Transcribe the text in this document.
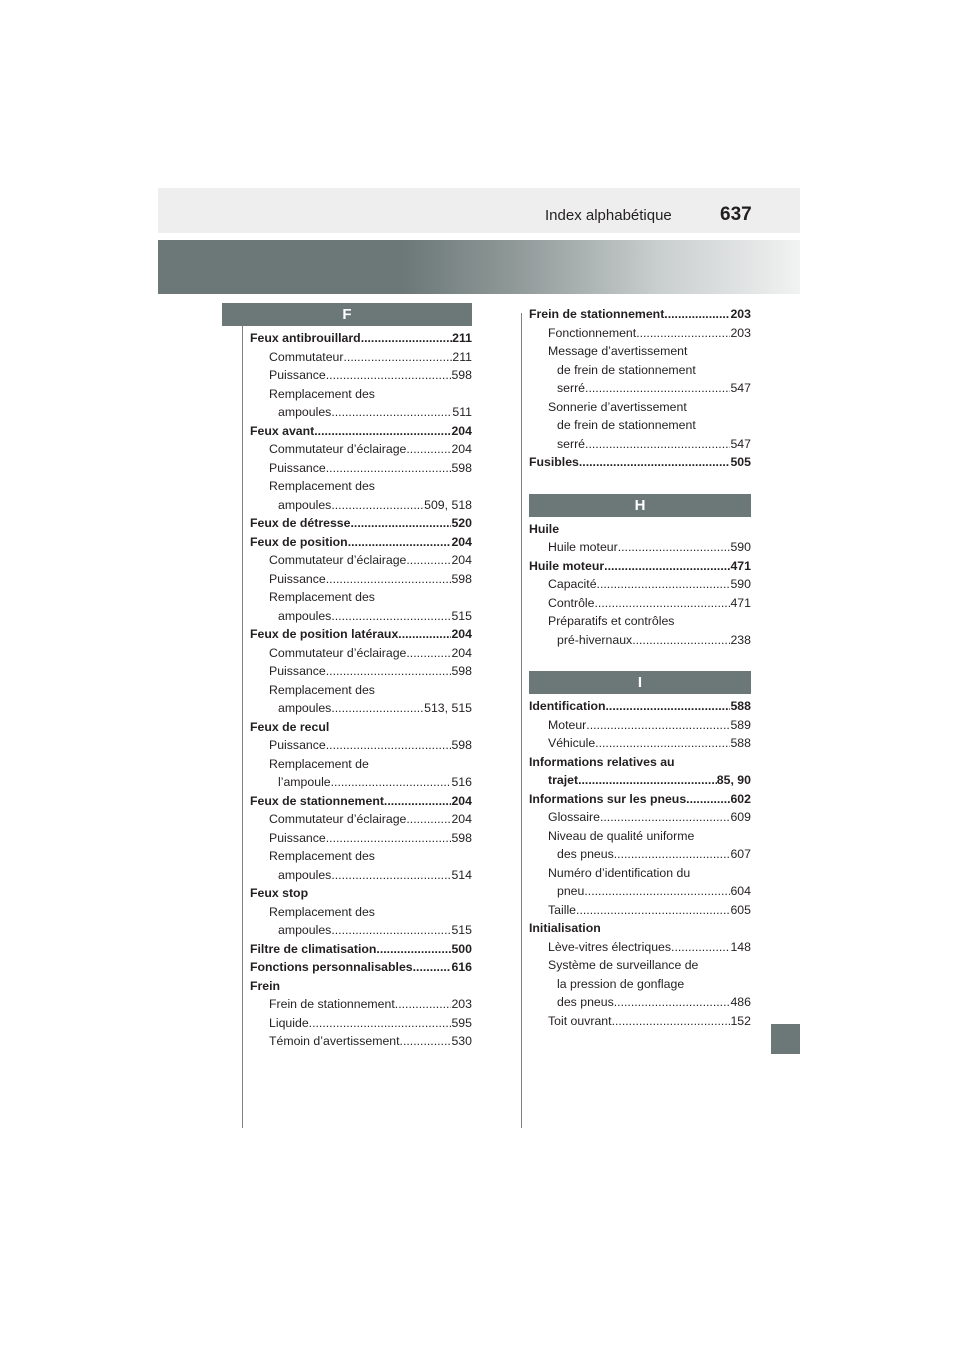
Index alphabétique	637
F
Feux antibrouillard .....	211
Commutateur .....	211
Puissance .....	598
Remplacement des
ampoules .....	511
Feux avant .....	204
Commutateur d’éclairage .....	204
Puissance .....	598
Remplacement des
ampoules .....	509, 518
Feux de détresse .....	520
Feux de position .....	204
Commutateur d’éclairage .....	204
Puissance .....	598
Remplacement des
ampoules .....	515
Feux de position latéraux .....	204
Commutateur d’éclairage .....	204
Puissance .....	598
Remplacement des
ampoules .....	513, 515
Feux de recul
Puissance .....	598
Remplacement de
l’ampoule .....	516
Feux de stationnement .....	204
Commutateur d’éclairage .....	204
Puissance .....	598
Remplacement des
ampoules .....	514
Feux stop
Remplacement des
ampoules .....	515
Filtre de climatisation .....	500
Fonctions personnalisables .....	616
Frein
Frein de stationnement .....	203
Liquide .....	595
Témoin d’avertissement .....	530
Frein de stationnement .....	203
Fonctionnement .....	203
Message d’avertissement
de frein de stationnement
serré .....	547
Sonnerie d’avertissement
de frein de stationnement
serré .....	547
Fusibles .....	505
H
Huile
Huile moteur .....	590
Huile moteur .....	471
Capacité .....	590
Contrôle .....	471
Préparatifs et contrôles
pré-hivernaux .....	238
I
Identification .....	588
Moteur .....	589
Véhicule .....	588
Informations relatives au
trajet .....	85, 90
Informations sur les pneus .....	602
Glossaire .....	609
Niveau de qualité uniforme
des pneus .....	607
Numéro d’identification du
pneu .....	604
Taille .....	605
Initialisation
Lève-vitres électriques .....	148
Système de surveillance de
la pression de gonflage
des pneus .....	486
Toit ouvrant .....	152
